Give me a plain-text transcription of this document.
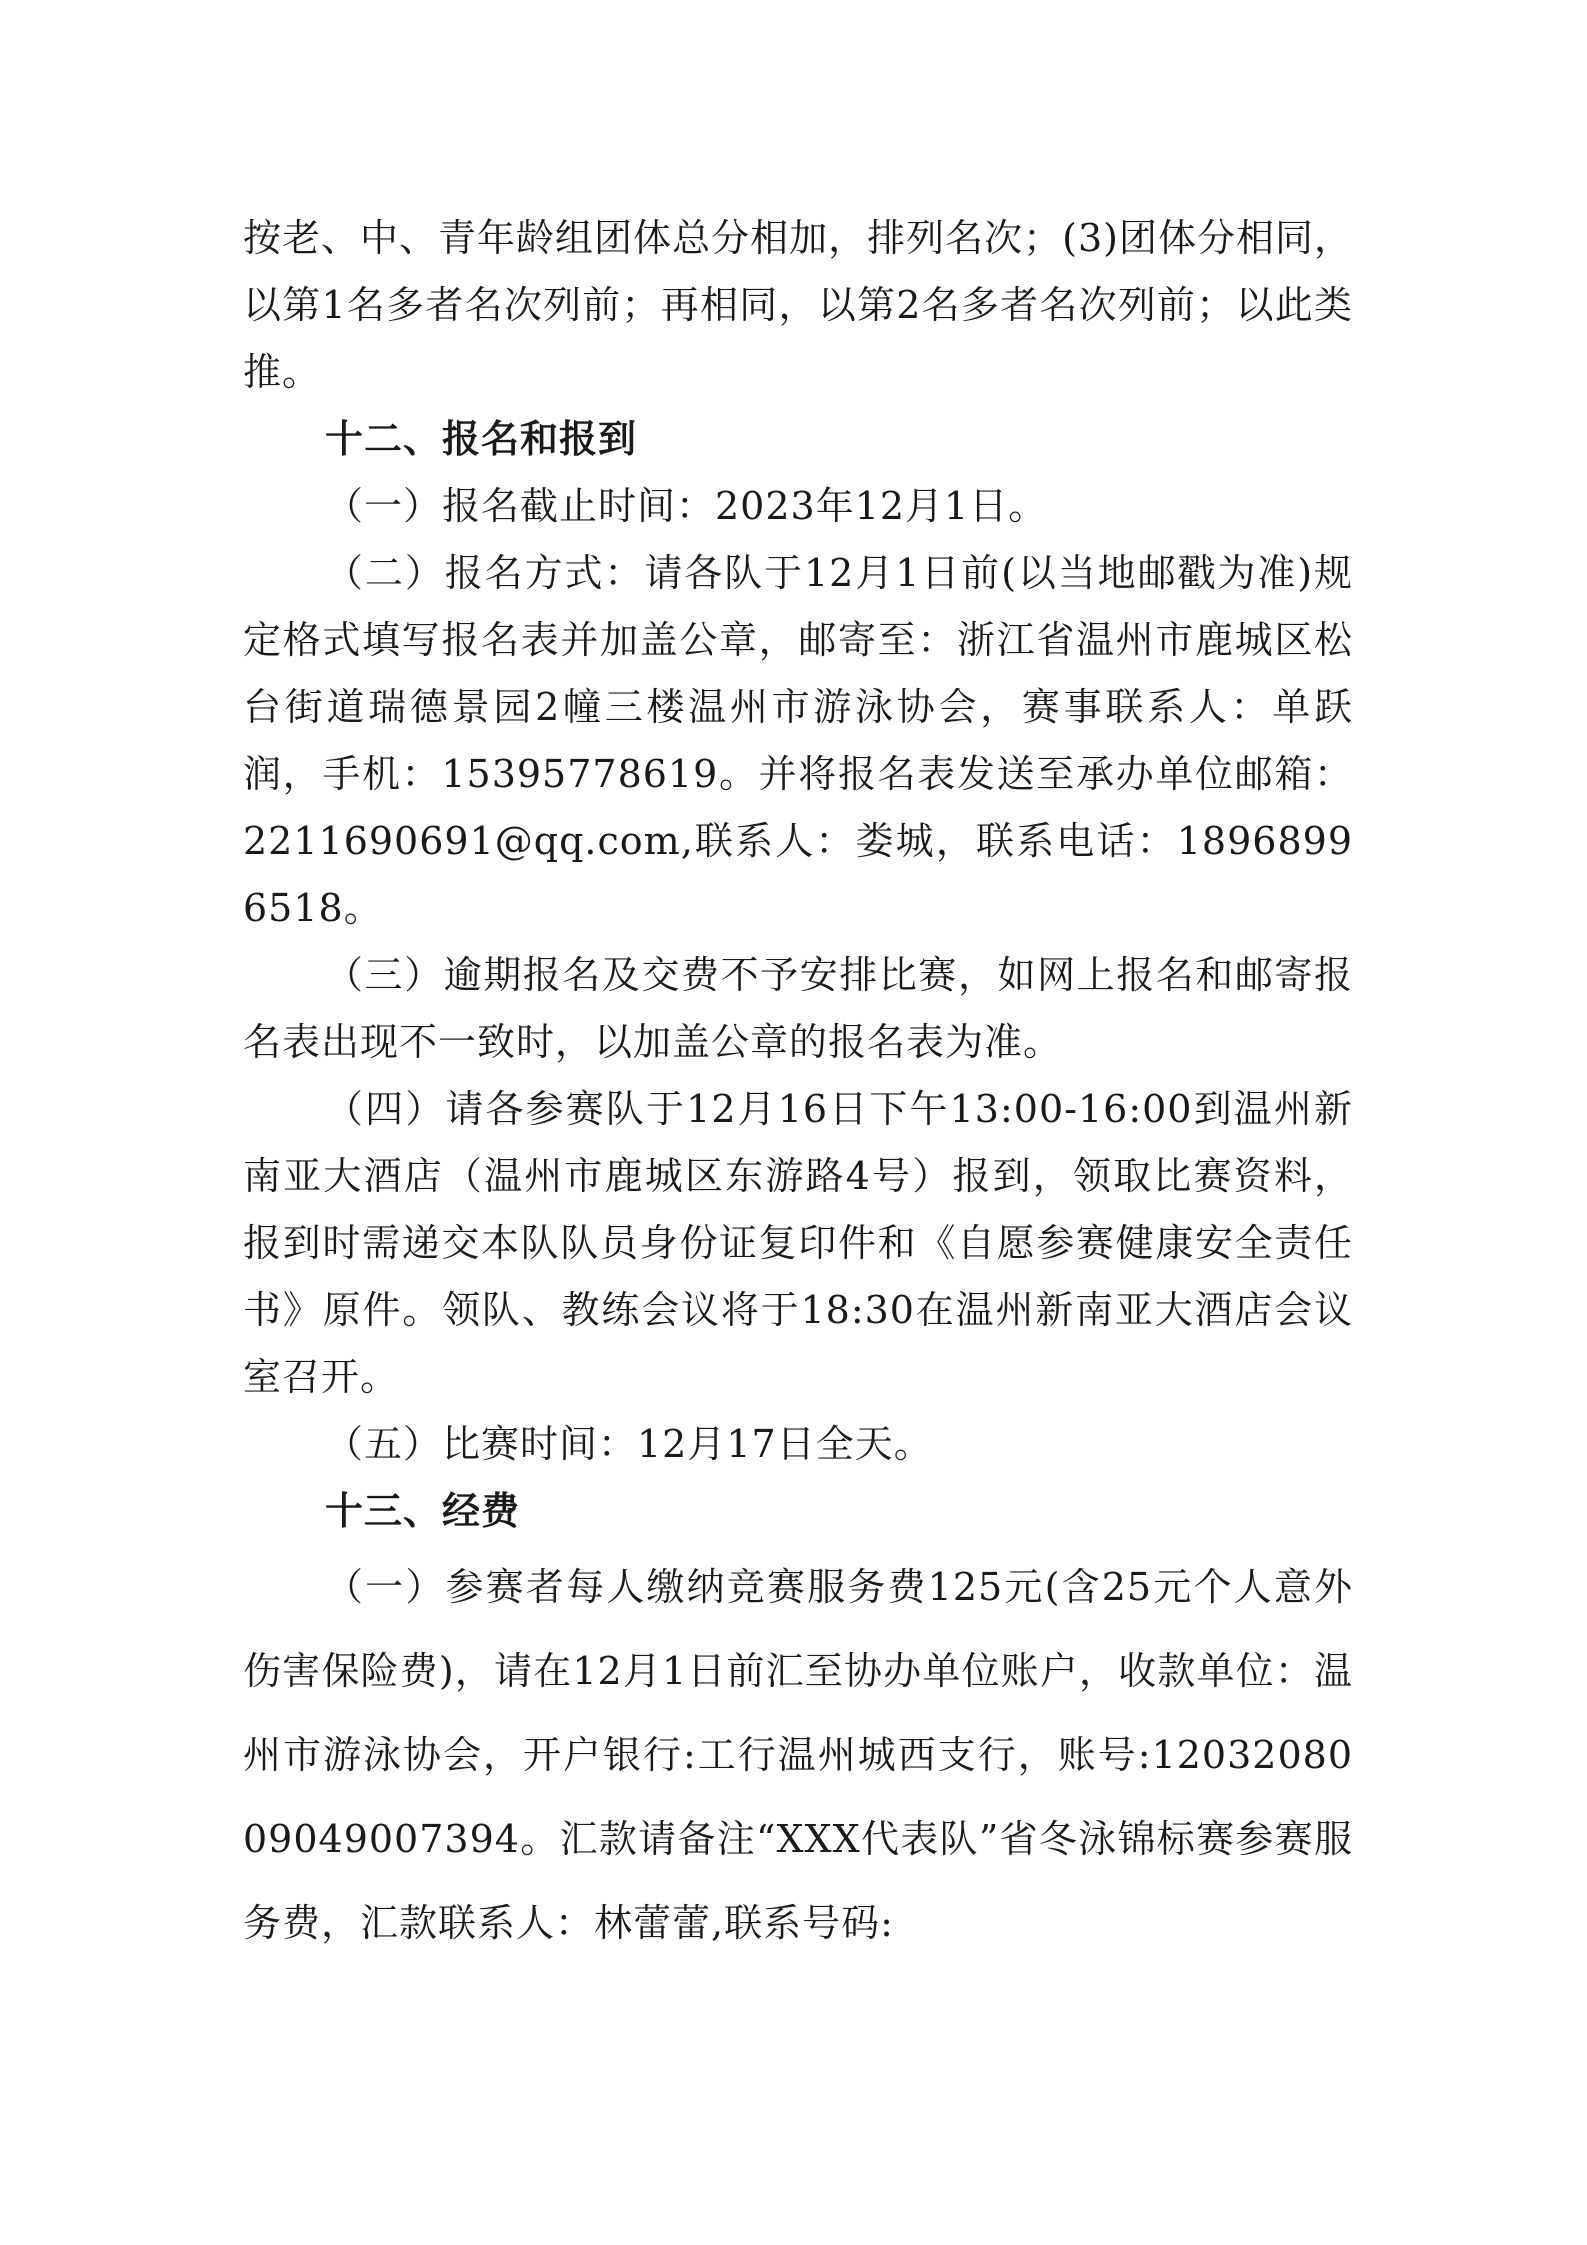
按老、中、青年龄组团体总分相加，排列名次；(3)团体分相同，以第1名多者名次列前；再相同，以第2名多者名次列前；以此类推。

十二、报名和报到

（一）报名截止时间：2023年12月1日。

（二）报名方式：请各队于12月1日前(以当地邮戳为准)规定格式填写报名表并加盖公章，邮寄至：浙江省温州市鹿城区松台街道瑞德景园2幢三楼温州市游泳协会，赛事联系人：单跃润，手机：15395778619。并将报名表发送至承办单位邮箱：2211690691@qq.com,联系人：娄城，联系电话：18968996518。

（三）逾期报名及交费不予安排比赛，如网上报名和邮寄报名表出现不一致时，以加盖公章的报名表为准。

（四）请各参赛队于12月16日下午13:00-16:00到温州新南亚大酒店（温州市鹿城区东游路4号）报到，领取比赛资料，报到时需递交本队队员身份证复印件和《自愿参赛健康安全责任书》原件。领队、教练会议将于18:30在温州新南亚大酒店会议室召开。

（五）比赛时间：12月17日全天。

十三、经费

（一）参赛者每人缴纳竞赛服务费125元(含25元个人意外伤害保险费)，请在12月1日前汇至协办单位账户，收款单位：温州市游泳协会，开户银行:工行温州城西支行，账号:1203208009049007394。汇款请备注“XXX代表队”省冬泳锦标赛参赛服务费，汇款联系人：林蕾蕾,联系号码:
